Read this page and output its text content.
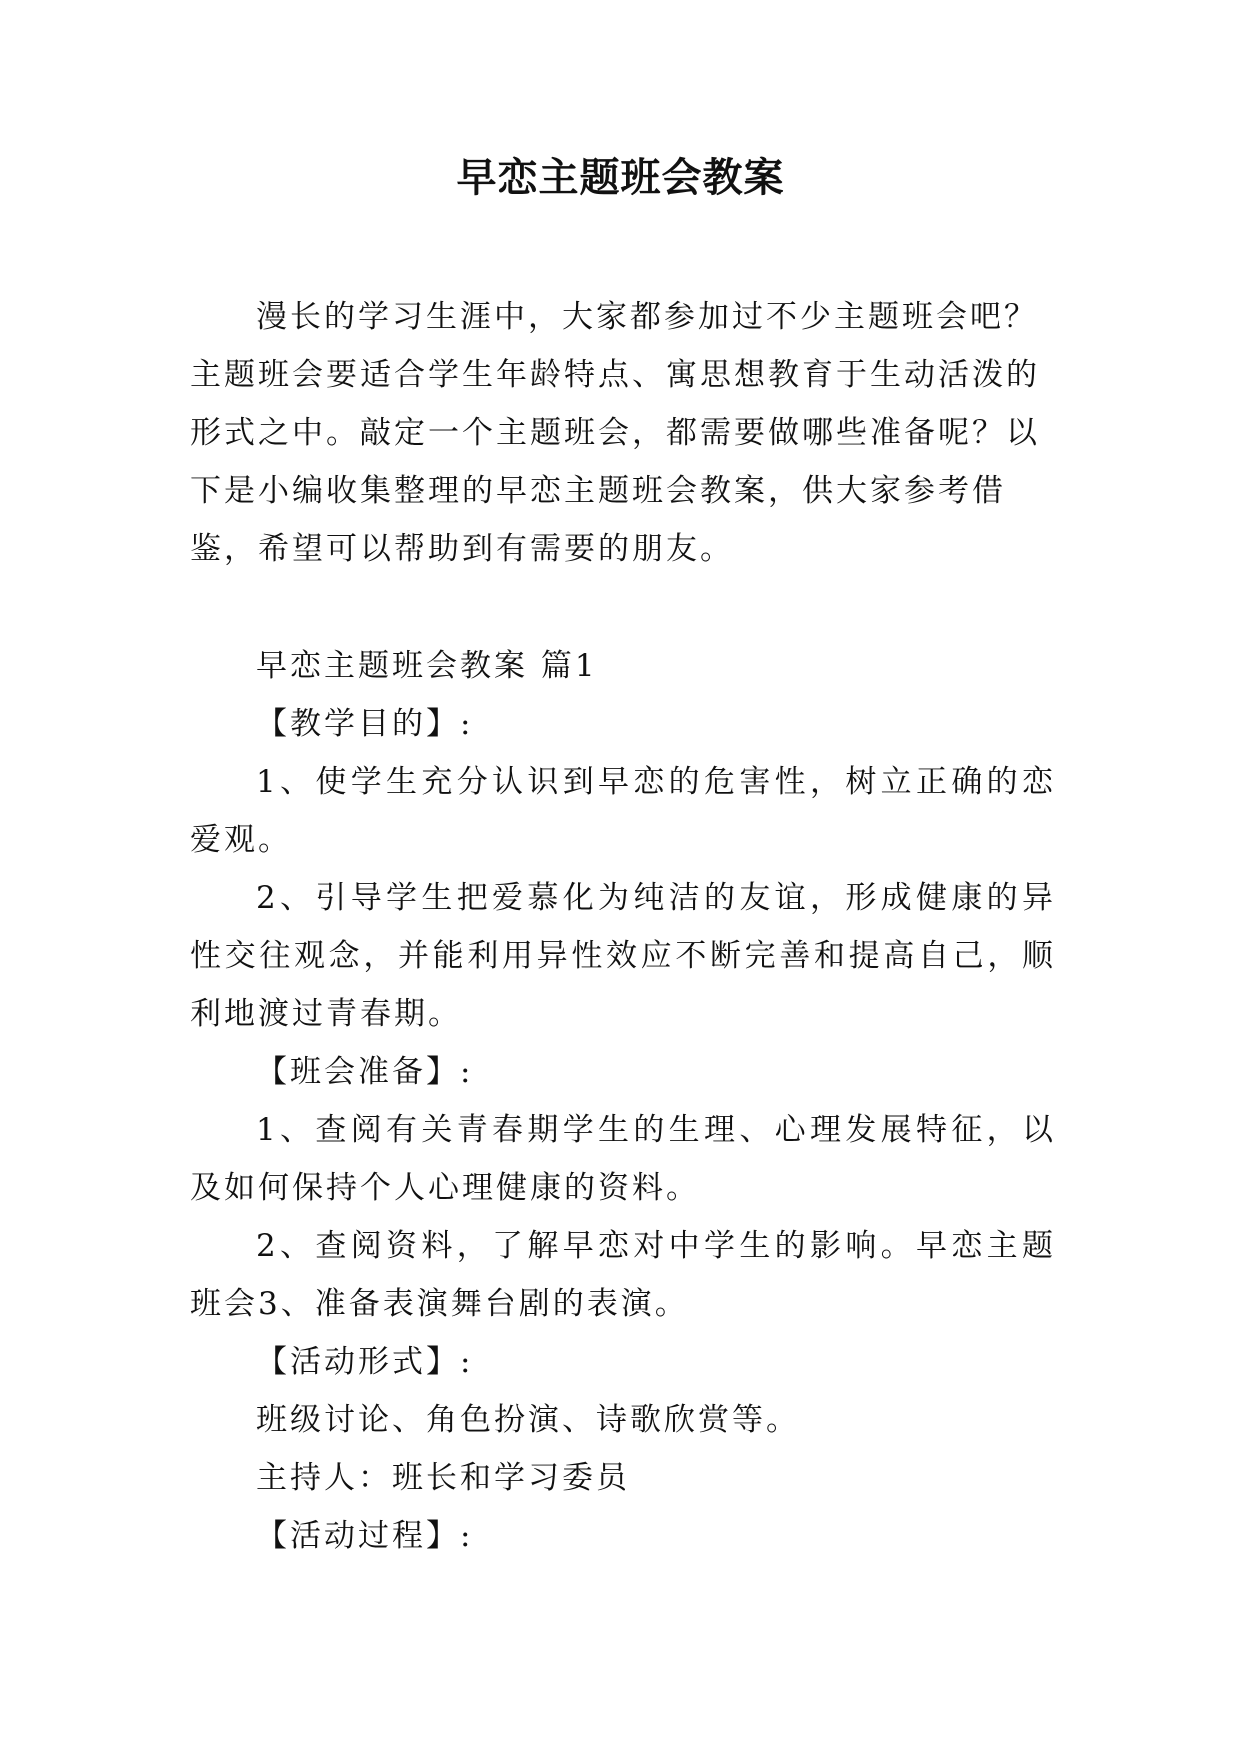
早恋主题班会教案

漫长的学习生涯中，大家都参加过不少主题班会吧？主题班会要适合学生年龄特点、寓思想教育于生动活泼的形式之中。敲定一个主题班会，都需要做哪些准备呢？以下是小编收集整理的早恋主题班会教案，供大家参考借鉴，希望可以帮助到有需要的朋友。

早恋主题班会教案 篇1

【教学目的】:

1、使学生充分认识到早恋的危害性，树立正确的恋爱观。

2、引导学生把爱慕化为纯洁的友谊，形成健康的异性交往观念，并能利用异性效应不断完善和提高自己，顺利地渡过青春期。

【班会准备】:

1、查阅有关青春期学生的生理、心理发展特征，以及如何保持个人心理健康的资料。

2、查阅资料，了解早恋对中学生的影响。早恋主题班会3、准备表演舞台剧的表演。

【活动形式】:

班级讨论、角色扮演、诗歌欣赏等。

主持人：班长和学习委员

【活动过程】:
